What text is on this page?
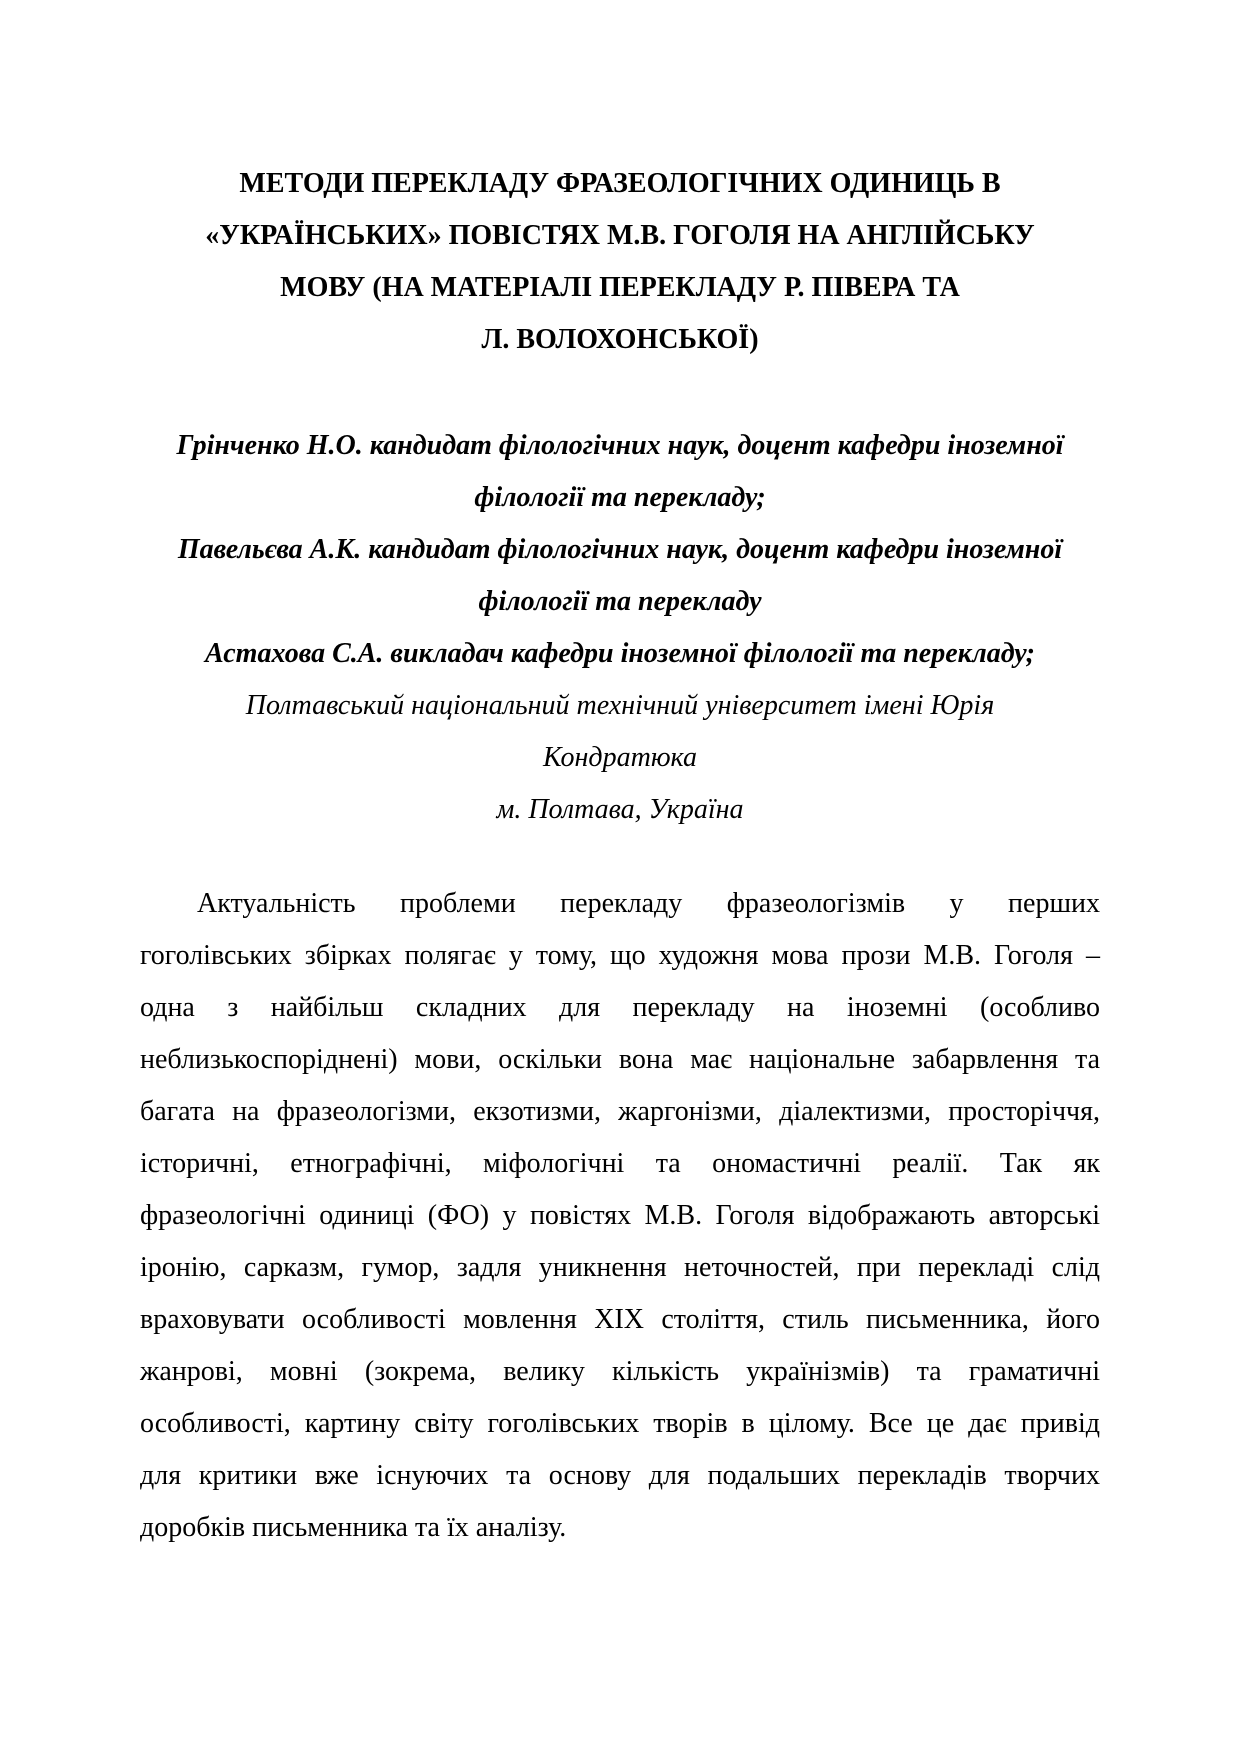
МЕТОДИ ПЕРЕКЛАДУ ФРАЗЕОЛОГІЧНИХ ОДИНИЦЬ В
«УКРАЇНСЬКИХ» ПОВІСТЯХ М.В. ГОГОЛЯ НА АНГЛІЙСЬКУ
МОВУ (НА МАТЕРІАЛІ ПЕРЕКЛАДУ Р. ПІВЕРА ТА
Л. ВОЛОХОНСЬКОЇ)
Грінченко Н.О. кандидат філологічних наук, доцент кафедри іноземної
філології та перекладу;
Павельєва А.К. кандидат філологічних наук, доцент кафедри іноземної
філології та перекладу
Астахова С.А. викладач кафедри іноземної філології та перекладу;
Полтавський національний технічний університет імені Юрія
Кондратюка
м. Полтава, Україна
Актуальність проблеми перекладу фразеологізмів у перших
гоголівських збірках полягає у тому, що художня мова прози М.В. Гоголя –
одна з найбільш складних для перекладу на іноземні (особливо
неблизькоспоріднені) мови, оскільки вона має національне забарвлення та
багата на фразеологізми, екзотизми, жаргонізми, діалектизми, просторіччя,
історичні, етнографічні, міфологічні та ономастичні реалії. Так як
фразеологічні одиниці (ФО) у повістях М.В. Гоголя відображають авторські
іронію, сарказм, гумор, задля уникнення неточностей, при перекладі слід
враховувати особливості мовлення ХІХ століття, стиль письменника, його
жанрові, мовні (зокрема, велику кількість українізмів) та граматичні
особливості, картину світу гоголівських творів в цілому. Все це дає привід
для критики вже існуючих та основу для подальших перекладів творчих
доробків письменника та їх аналізу.
